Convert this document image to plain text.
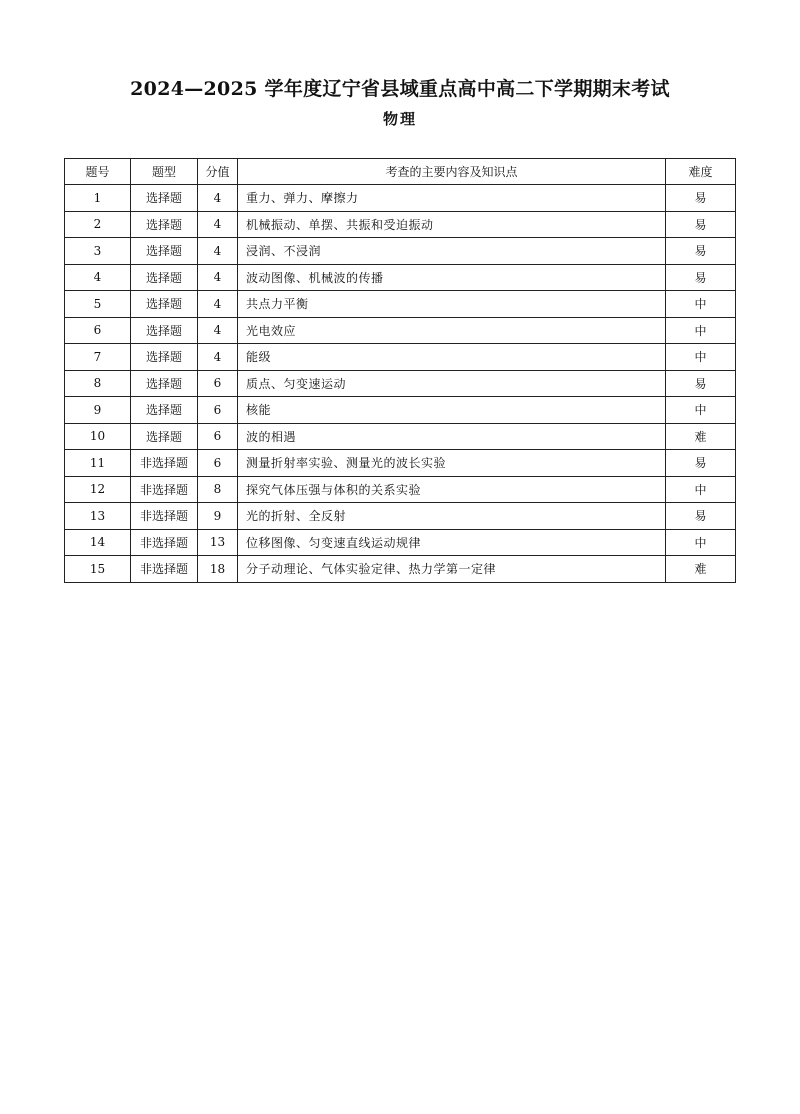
2024—2025 学年度辽宁省县域重点高中高二下学期期末考试
物理
题号	题型	分值	考查的主要内容及知识点	难度
1	选择题	4	重力、弹力、摩擦力	易
2	选择题	4	机械振动、单摆、共振和受迫振动	易
3	选择题	4	浸润、不浸润	易
4	选择题	4	波动图像、机械波的传播	易
5	选择题	4	共点力平衡	中
6	选择题	4	光电效应	中
7	选择题	4	能级	中
8	选择题	6	质点、匀变速运动	易
9	选择题	6	核能	中
10	选择题	6	波的相遇	难
11	非选择题	6	测量折射率实验、测量光的波长实验	易
12	非选择题	8	探究气体压强与体积的关系实验	中
13	非选择题	9	光的折射、全反射	易
14	非选择题	13	位移图像、匀变速直线运动规律	中
15	非选择题	18	分子动理论、气体实验定律、热力学第一定律	难
